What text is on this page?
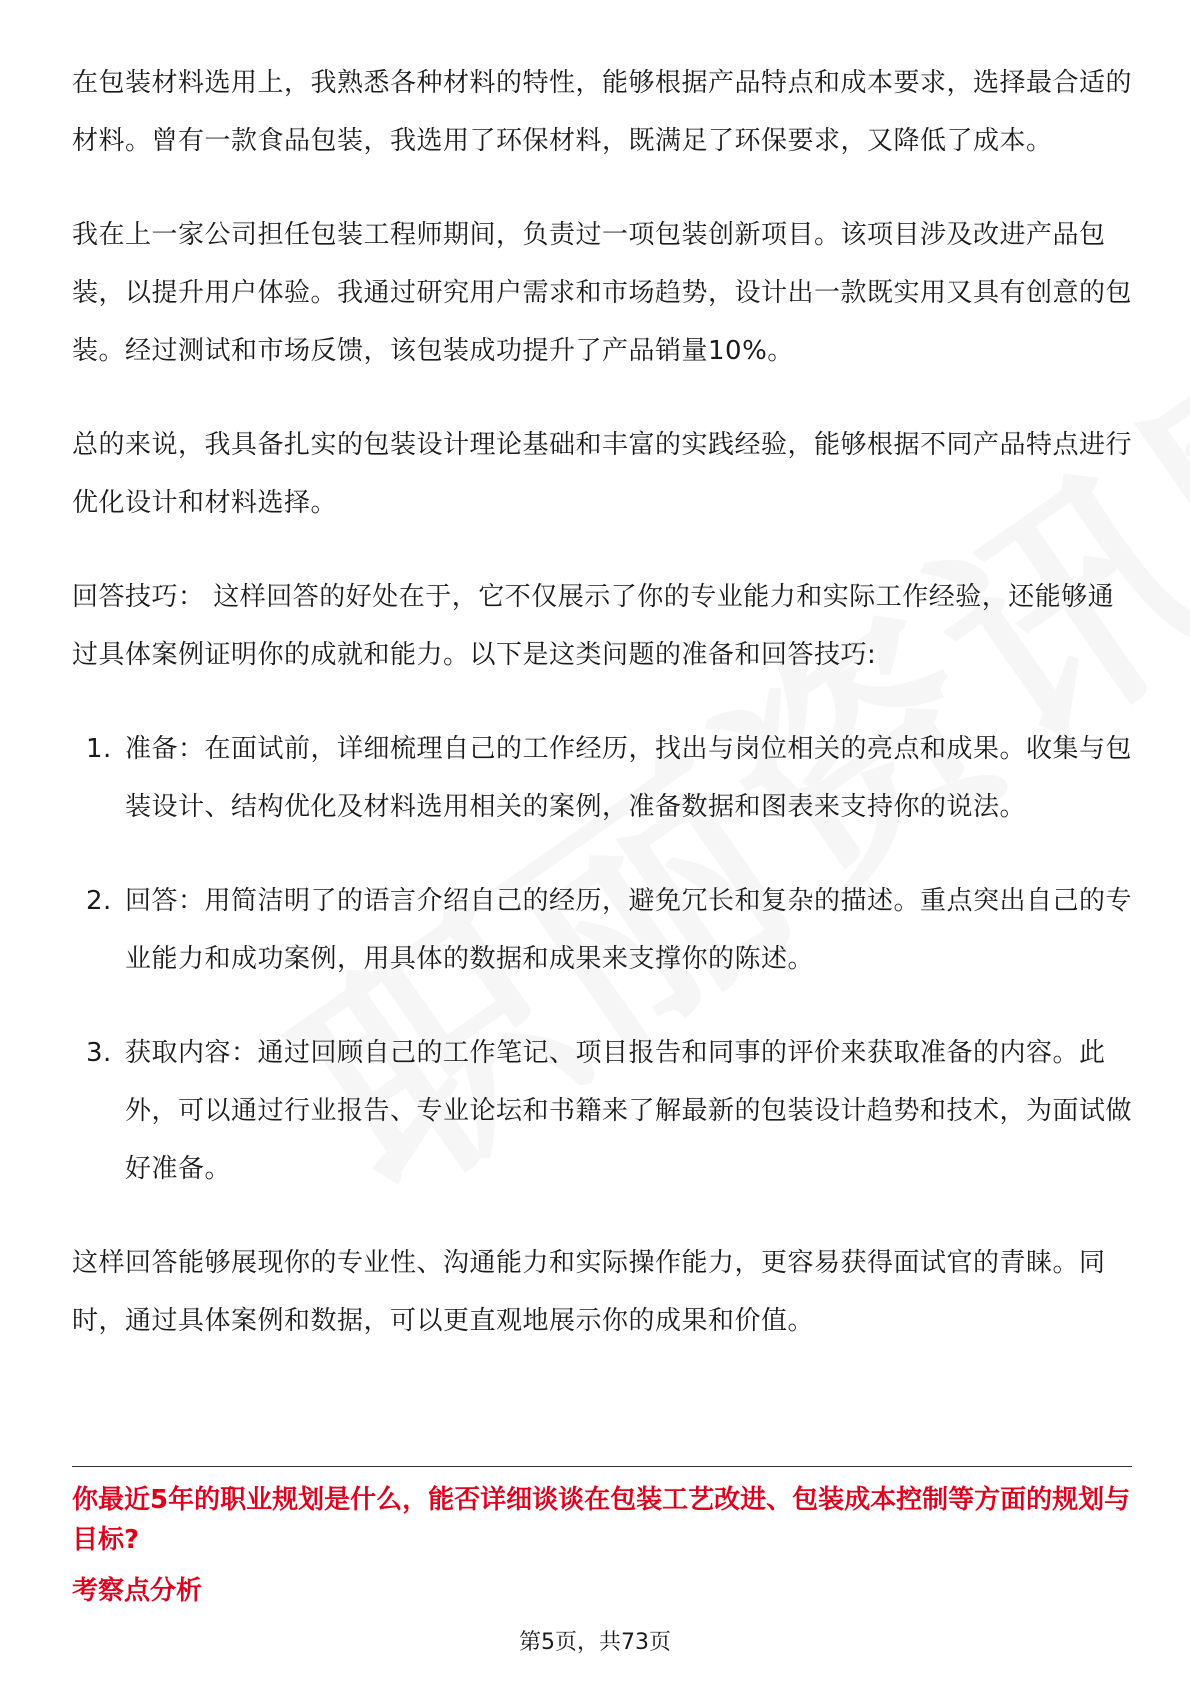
在包装材料选用上，我熟悉各种材料的特性，能够根据产品特点和成本要求，选择最合适的材料。曾有一款食品包装，我选用了环保材料，既满足了环保要求，又降低了成本。

我在上一家公司担任包装工程师期间，负责过一项包装创新项目。该项目涉及改进产品包装，以提升用户体验。我通过研究用户需求和市场趋势，设计出一款既实用又具有创意的包装。经过测试和市场反馈，该包装成功提升了产品销量10%。

总的来说，我具备扎实的包装设计理论基础和丰富的实践经验，能够根据不同产品特点进行优化设计和材料选择。

回答技巧： 这样回答的好处在于，它不仅展示了你的专业能力和实际工作经验，还能够通过具体案例证明你的成就和能力。以下是这类问题的准备和回答技巧:

1. 准备：在面试前，详细梳理自己的工作经历，找出与岗位相关的亮点和成果。收集与包装设计、结构优化及材料选用相关的案例，准备数据和图表来支持你的说法。
2. 回答：用简洁明了的语言介绍自己的经历，避免冗长和复杂的描述。重点突出自己的专业能力和成功案例，用具体的数据和成果来支撑你的陈述。
3. 获取内容：通过回顾自己的工作笔记、项目报告和同事的评价来获取准备的内容。此外，可以通过行业报告、专业论坛和书籍来了解最新的包装设计趋势和技术，为面试做好准备。

这样回答能够展现你的专业性、沟通能力和实际操作能力，更容易获得面试官的青睐。同时，通过具体案例和数据，可以更直观地展示你的成果和价值。

你最近5年的职业规划是什么，能否详细谈谈在包装工艺改进、包装成本控制等方面的规划与目标?
考察点分析
第5页，共73页
